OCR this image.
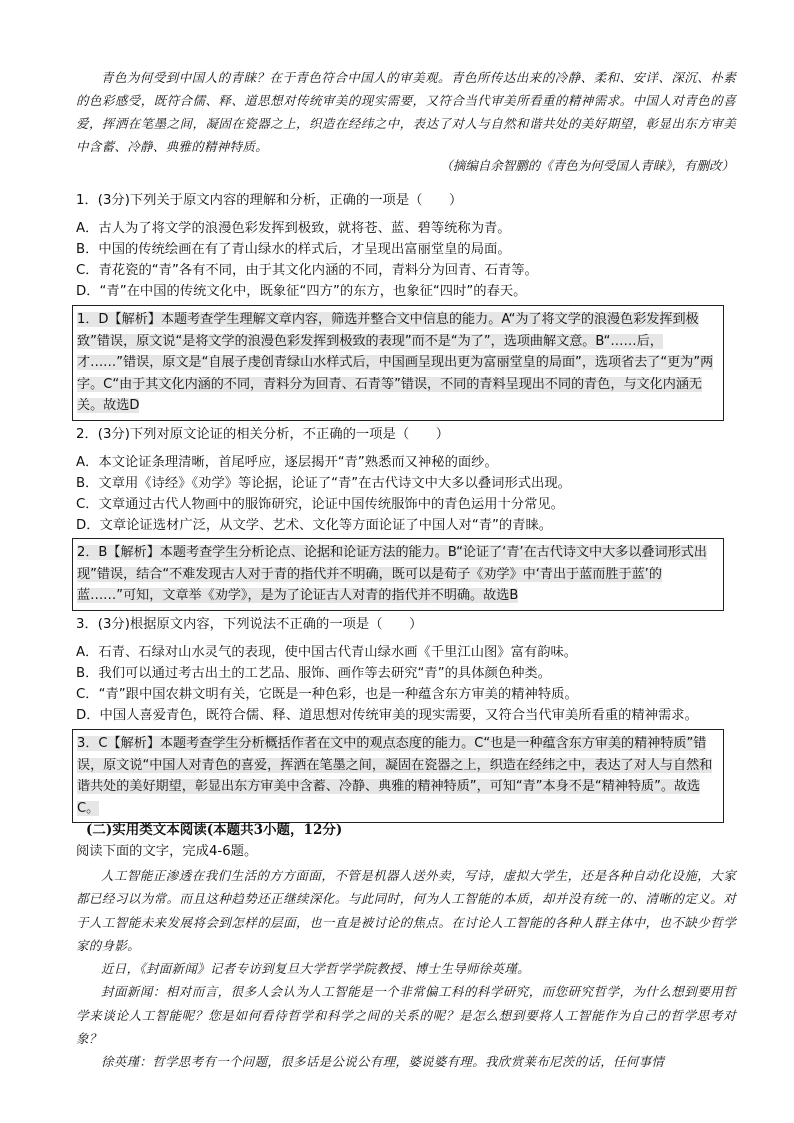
青色为何受到中国人的青睐？在于青色符合中国人的审美观。青色所传达出来的冷静、柔和、安详、深沉、朴素的色彩感受，既符合儒、释、道思想对传统审美的现实需要，又符合当代审美所看重的精神需求。中国人对青色的喜爱，挥洒在笔墨之间，凝固在瓷器之上，织造在经纬之中，表达了对人与自然和谐共处的美好期望，彰显出东方审美中含蓄、冷静、典雅的精神特质。

（摘编自余智鹏的《青色为何受国人青睐》，有删改）

1．(3分)下列关于原文内容的理解和分析，正确的一项是（　　）

A．古人为了将文学的浪漫色彩发挥到极致，就将苍、蓝、碧等统称为青。

B．中国的传统绘画在有了青山绿水的样式后，才呈现出富丽堂皇的局面。

C．青花瓷的“青”各有不同，由于其文化内涵的不同，青料分为回青、石青等。

D．“青”在中国的传统文化中，既象征“四方”的东方，也象征“四时”的春天。

1．D【解析】本题考查学生理解文章内容，筛选并整合文中信息的能力。A“为了将文学的浪漫色彩发挥到极致”错误，原文说“是将文学的浪漫色彩发挥到极致的表现”而不是“为了”，选项曲解文意。B“……后，才……”错误，原文是“自展子虔创青绿山水样式后，中国画呈现出更为富丽堂皇的局面”，选项省去了“更为”两字。C“由于其文化内涵的不同，青料分为回青、石青等”错误，不同的青料呈现出不同的青色，与文化内涵无关。故选D

2．(3分)下列对原文论证的相关分析，不正确的一项是（　　）

A．本文论证条理清晰，首尾呼应，逐层揭开“青”熟悉而又神秘的面纱。

B．文章用《诗经》《劝学》等论据，论证了“青”在古代诗文中大多以叠词形式出现。

C．文章通过古代人物画中的服饰研究，论证中国传统服饰中的青色运用十分常见。

D．文章论证选材广泛，从文学、艺术、文化等方面论证了中国人对“青”的青睐。

2．B【解析】本题考查学生分析论点、论据和论证方法的能力。B“论证了‘青’在古代诗文中大多以叠词形式出现”错误，结合“不难发现古人对于青的指代并不明确，既可以是荀子《劝学》中‘青出于蓝而胜于蓝’的蓝……”可知，文章举《劝学》，是为了论证古人对青的指代并不明确。故选B

3．(3分)根据原文内容，下列说法不正确的一项是（　　）

A．石青、石绿对山水灵气的表现，使中国古代青山绿水画《千里江山图》富有韵味。

B．我们可以通过考古出土的工艺品、服饰、画作等去研究“青”的具体颜色种类。

C．“青”跟中国农耕文明有关，它既是一种色彩，也是一种蕴含东方审美的精神特质。

D．中国人喜爱青色，既符合儒、释、道思想对传统审美的现实需要，又符合当代审美所看重的精神需求。

3．C【解析】本题考查学生分析概括作者在文中的观点态度的能力。C“也是一种蕴含东方审美的精神特质”错误，原文说“中国人对青色的喜爱，挥洒在笔墨之间，凝固在瓷器之上，织造在经纬之中，表达了对人与自然和谐共处的美好期望，彰显出东方审美中含蓄、冷静、典雅的精神特质”，可知“青”本身不是“精神特质”。故选C。

(二)实用类文本阅读(本题共3小题，12分)
阅读下面的文字，完成4-6题。

人工智能正渗透在我们生活的方方面面，不管是机器人送外卖，写诗，虚拟大学生，还是各种自动化设施，大家都已经习以为常。而且这种趋势还正继续深化。与此同时，何为人工智能的本质，却并没有统一的、清晰的定义。对于人工智能未来发展将会到怎样的层面，也一直是被讨论的焦点。在讨论人工智能的各种人群主体中，也不缺少哲学家的身影。

近日，《封面新闻》记者专访到复旦大学哲学学院教授、博士生导师徐英瑾。

封面新闻：相对而言，很多人会认为人工智能是一个非常偏工科的科学研究，而您研究哲学，为什么想到要用哲学来谈论人工智能呢？您是如何看待哲学和科学之间的关系的呢？是怎么想到要将人工智能作为自己的哲学思考对象？

徐英瑾：哲学思考有一个问题，很多话是公说公有理，婆说婆有理。我欣赏莱布尼茨的话，任何事情
